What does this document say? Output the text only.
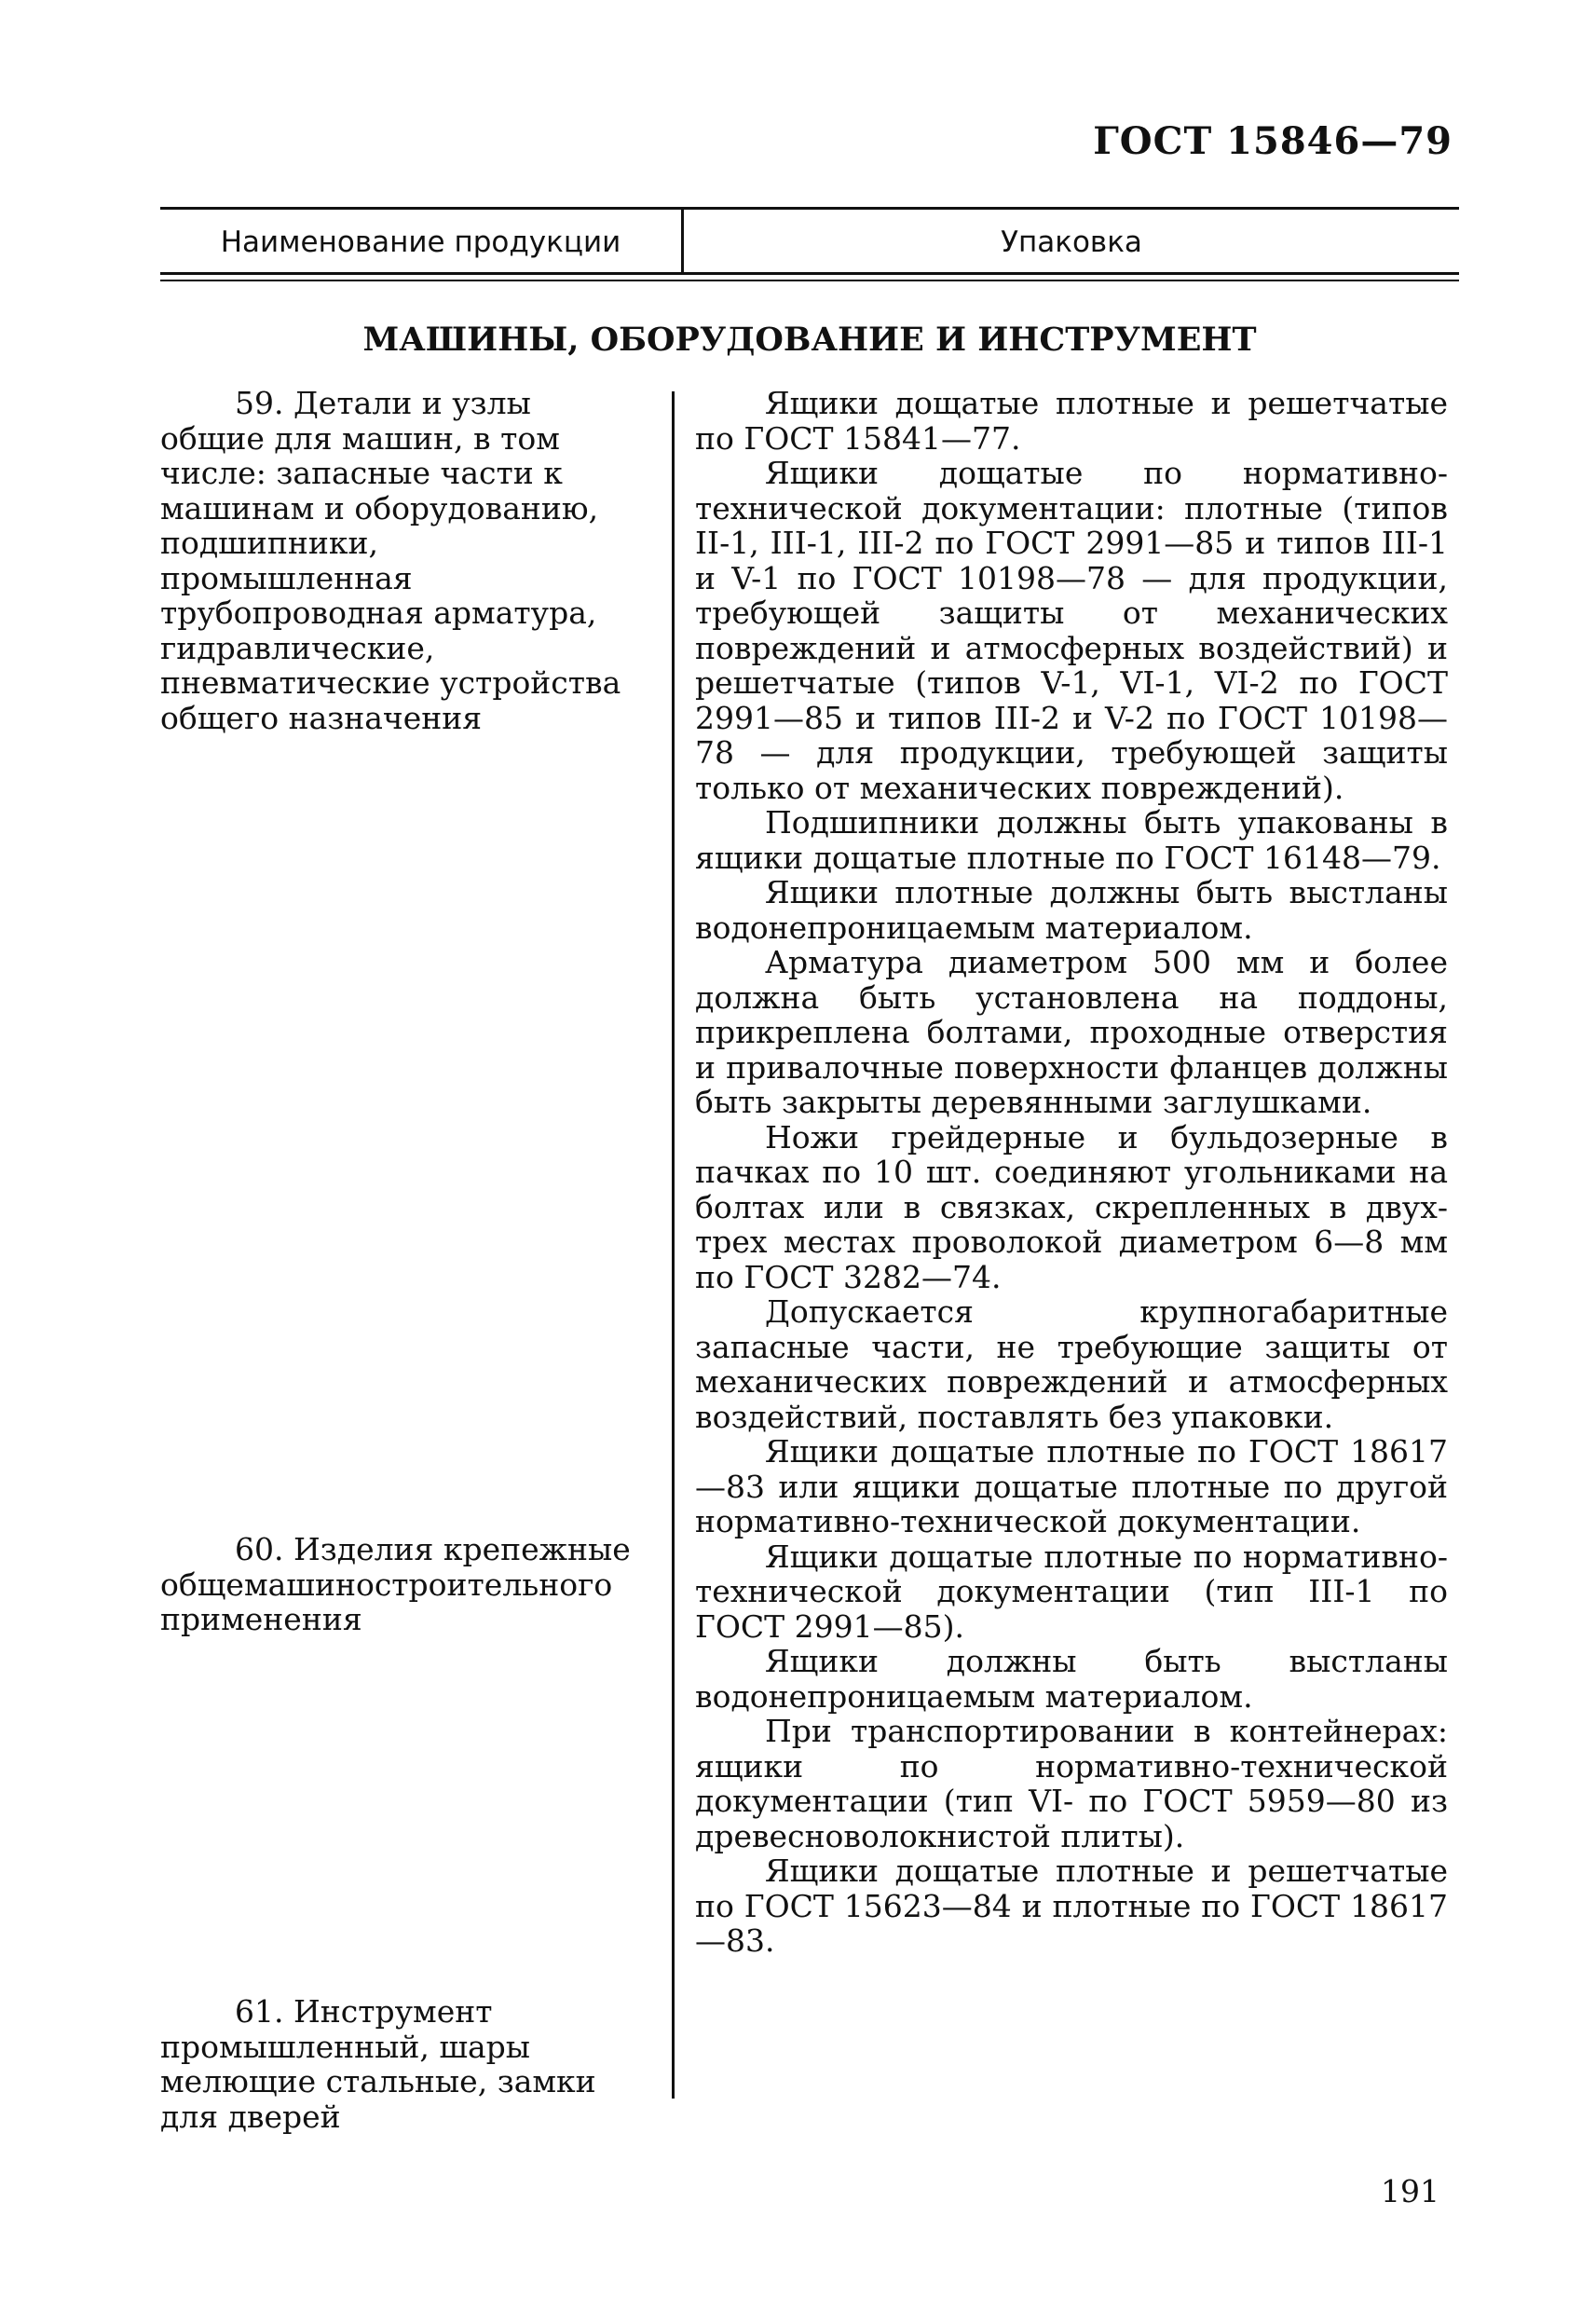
ГОСТ 15846—79
Наименование продукции	Упаковка
МАШИНЫ, ОБОРУДОВАНИЕ И ИНСТРУМЕНТ

59. Детали и узлы общие для машин, в том числе: запасные части к машинам и оборудованию, подшипники, промышленная трубопроводная арматура, гидравлические, пневматические устройства общего назначения

60. Изделия крепежные общемашиностроительного применения

61. Инструмент промышленный, шары мелющие стальные, замки для дверей

Ящики дощатые плотные и решетчатые по ГОСТ 15841—77.

Ящики дощатые по нормативно-технической документации: плотные (типов II-1, III-1, III-2 по ГОСТ 2991—85 и типов III-1 и V-1 по ГОСТ 10198—78 — для продукции, требующей защиты от механических повреждений и атмосферных воздействий) и решетчатые (типов V-1, VI-1, VI-2 по ГОСТ 2991—85 и типов III-2 и V-2 по ГОСТ 10198—78 — для продукции, требующей защиты только от механических повреждений).

Подшипники должны быть упакованы в ящики дощатые плотные по ГОСТ 16148—79.

Ящики плотные должны быть выстланы водонепроницаемым материалом.

Арматура диаметром 500 мм и более должна быть установлена на поддоны, прикреплена болтами, проходные отверстия и привалочные поверхности фланцев должны быть закрыты деревянными заглушками.

Ножи грейдерные и бульдозерные в пачках по 10 шт. соединяют угольниками на болтах или в связках, скрепленных в двух-трех местах проволокой диаметром 6—8 мм по ГОСТ 3282—74.

Допускается крупногабаритные запасные части, не требующие защиты от механических повреждений и атмосферных воздействий, поставлять без упаковки.

Ящики дощатые плотные по ГОСТ 18617—83 или ящики дощатые плотные по другой нормативно-технической документации.

Ящики дощатые плотные по нормативно-технической документации (тип III-1 по ГОСТ 2991—85).

Ящики должны быть выстланы водонепроницаемым материалом.

При транспортировании в контейнерах: ящики по нормативно-технической документации (тип VI- по ГОСТ 5959—80 из древесноволокнистой плиты).

Ящики дощатые плотные и решетчатые по ГОСТ 15623—84 и плотные по ГОСТ 18617—83.

191
